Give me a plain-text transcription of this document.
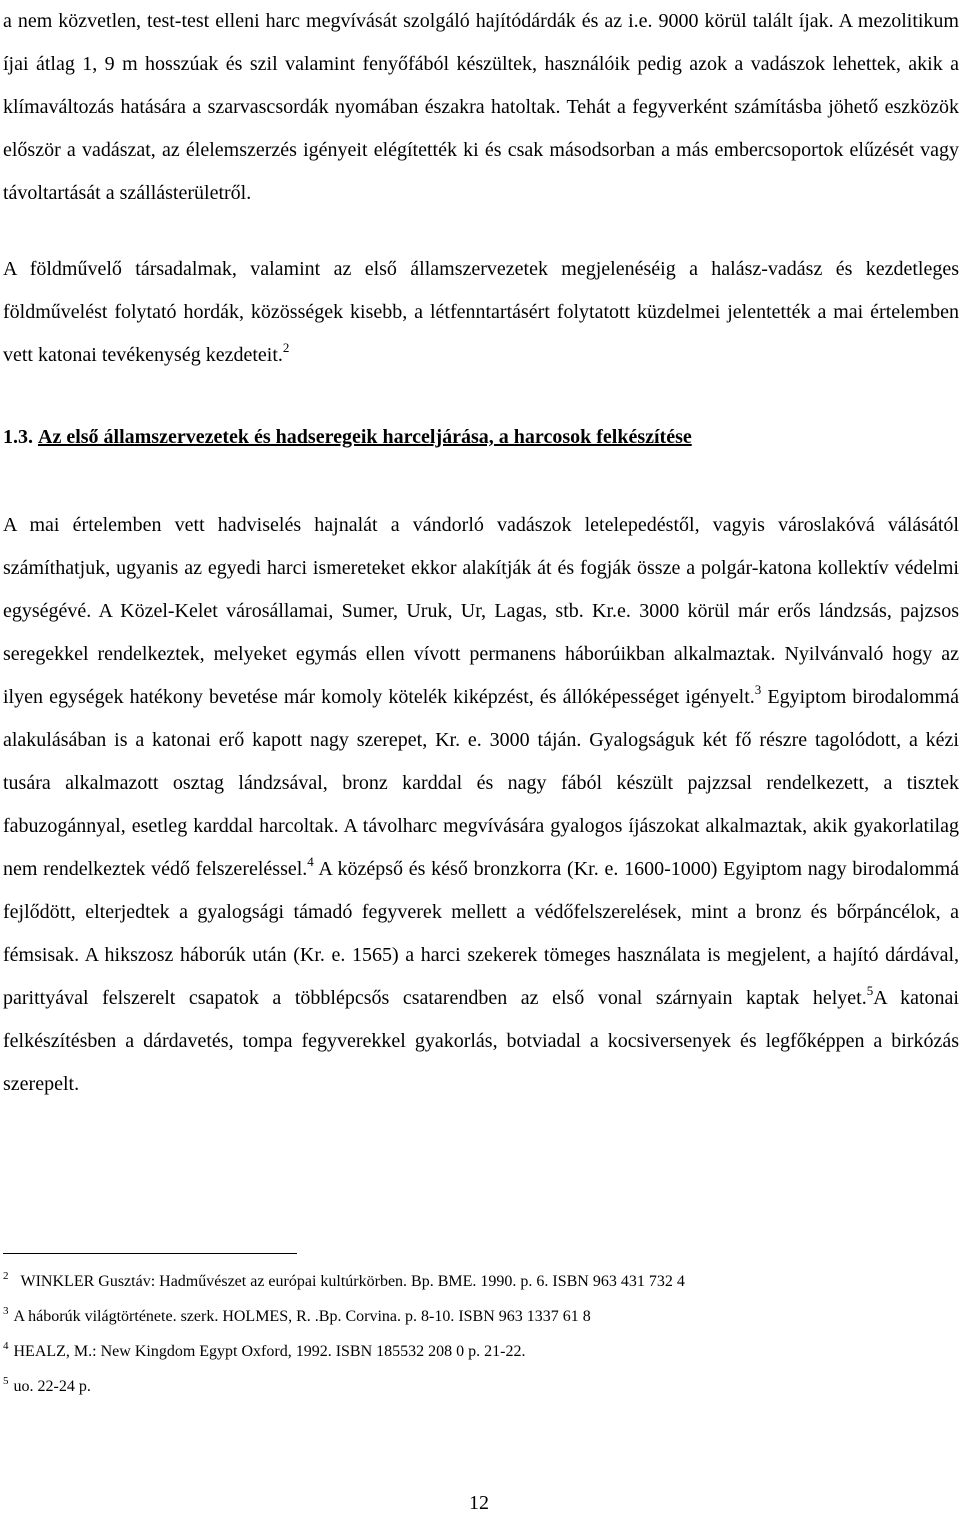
a nem közvetlen, test-test elleni harc megvívását szolgáló hajítódárdák és az i.e. 9000 körül talált íjak. A mezolitikum íjai átlag 1, 9 m hosszúak és szil valamint fenyőfából készültek, használóik pedig azok a vadászok lehettek, akik a klímaváltozás hatására a szarvascsordák nyomában északra hatoltak. Tehát a fegyverként számításba jöhető eszközök először a vadászat, az élelemszerzés igényeit elégítették ki és csak másodsorban a más embercsoportok elűzését vagy távoltartását a szállásterületről.

A földművelő társadalmak, valamint az első államszervezetek megjelenéséig a halász-vadász és kezdetleges földművelést folytató hordák, közösségek kisebb, a létfenntartásért folytatott küzdelmei jelentették a mai értelemben vett katonai tevékenység kezdeteit.$^2$

1.3. Az első államszervezetek és hadseregeik harceljárása, a harcosok felkészítése

A mai értelemben vett hadviselés hajnalát a vándorló vadászok letelepedéstől, vagyis városlakóvá válásától számíthatjuk, ugyanis az egyedi harci ismereteket ekkor alakítják át és fogják össze a polgár-katona kollektív védelmi egységévé. A Közel-Kelet városállamai, Sumer, Uruk, Ur, Lagas, stb. Kr.e. 3000 körül már erős lándzsás, pajzsos seregekkel rendelkeztek, melyeket egymás ellen vívott permanens háborúikban alkalmaztak. Nyilvánvaló hogy az ilyen egységek hatékony bevetése már komoly kötelék kiképzést, és állóképességet igényelt.$^3$ Egyiptom birodalommá alakulásában is a katonai erő kapott nagy szerepet, Kr. e. 3000 táján. Gyalogságuk két fő részre tagolódott, a kézi tusára alkalmazott osztag lándzsával, bronz karddal és nagy fából készült pajzzsal rendelkezett, a tisztek fabuzogánnyal, esetleg karddal harcoltak. A távolharc megvívására gyalogos íjászokat alkalmaztak, akik gyakorlatilag nem rendelkeztek védő felszereléssel.$^4$ A középső és késő bronzkorra (Kr. e. 1600-1000) Egyiptom nagy birodalommá fejlődött, elterjedtek a gyalogsági támadó fegyverek mellett a védőfelszerelések, mint a bronz és bőrpáncélok, a fémsisak. A hikszosz háborúk után (Kr. e. 1565) a harci szekerek tömeges használata is megjelent, a hajító dárdával, parittyával felszerelt csapatok a többlépcsős csatarendben az első vonal szárnyain kaptak helyet.$^5$A katonai felkészítésben a dárdavetés, tompa fegyverekkel gyakorlás, botviadal a kocsiversenyek és legfőképpen a birkózás szerepelt.

$^2$ WINKLER Gusztáv: Hadművészet az európai kultúrkörben. Bp. BME. 1990. p. 6. ISBN 963 431 732 4
$^3$ A háborúk világtörténete. szerk. HOLMES, R. .Bp. Corvina. p. 8-10. ISBN 963 1337 61 8
$^4$ HEALZ, M.: New Kingdom Egypt Oxford, 1992. ISBN 185532 208 0 p. 21-22.
$^5$ uo. 22-24 p.
12
